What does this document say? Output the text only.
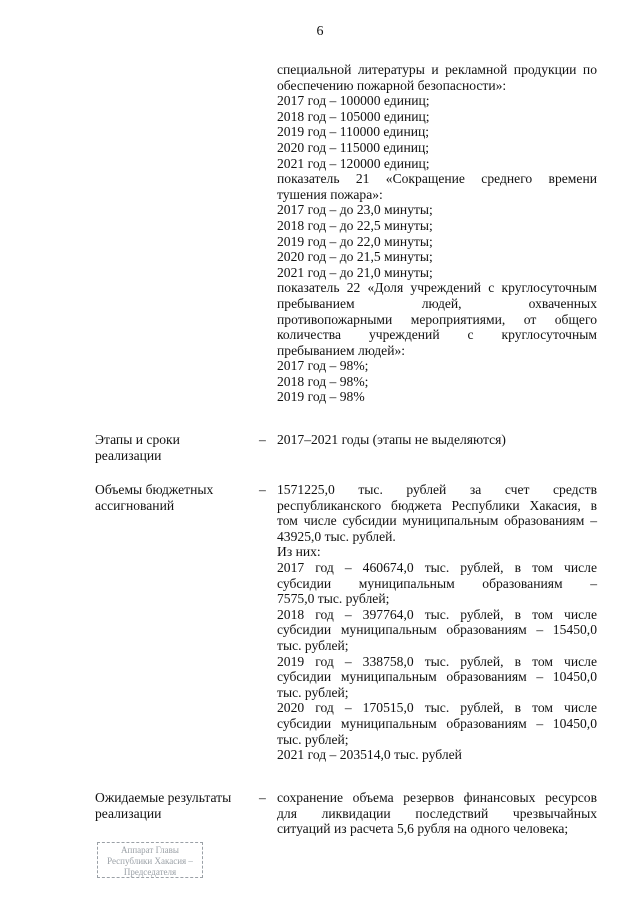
6
специальной литературы и рекламной продукции по
обеспечению пожарной безопасности»:
2017 год – 100000 единиц;
2018 год – 105000 единиц;
2019 год – 110000 единиц;
2020 год – 115000 единиц;
2021 год – 120000 единиц;
показатель 21 «Сокращение среднего времени
тушения пожара»:
2017 год – до 23,0 минуты;
2018 год – до 22,5 минуты;
2019 год – до 22,0 минуты;
2020 год – до 21,5 минуты;
2021 год – до 21,0 минуты;
показатель 22 «Доля учреждений с круглосуточным
пребыванием людей, охваченных
противопожарными мероприятиями, от общего
количества учреждений с круглосуточным
пребыванием людей»:
2017 год – 98%;
2018 год – 98%;
2019 год – 98%
Этапы и сроки
реализации
– 2017–2021 годы (этапы не выделяются)
Объемы бюджетных
ассигнований
– 1571225,0 тыс. рублей за счет средств
республиканского бюджета Республики Хакасия, в
том числе субсидии муниципальным образованиям –
43925,0 тыс. рублей.
Из них:
2017 год – 460674,0 тыс. рублей, в том числе
субсидии муниципальным образованиям –
7575,0 тыс. рублей;
2018 год – 397764,0 тыс. рублей, в том числе
субсидии муниципальным образованиям – 15450,0
тыс. рублей;
2019 год – 338758,0 тыс. рублей, в том числе
субсидии муниципальным образованиям – 10450,0
тыс. рублей;
2020 год – 170515,0 тыс. рублей, в том числе
субсидии муниципальным образованиям – 10450,0
тыс. рублей;
2021 год – 203514,0 тыс. рублей
Ожидаемые результаты
реализации
– сохранение объема резервов финансовых ресурсов
для ликвидации последствий чрезвычайных
ситуаций из расчета 5,6 рубля на одного человека;
Аппарат Главы
Республики Хакасия –
Председателя
